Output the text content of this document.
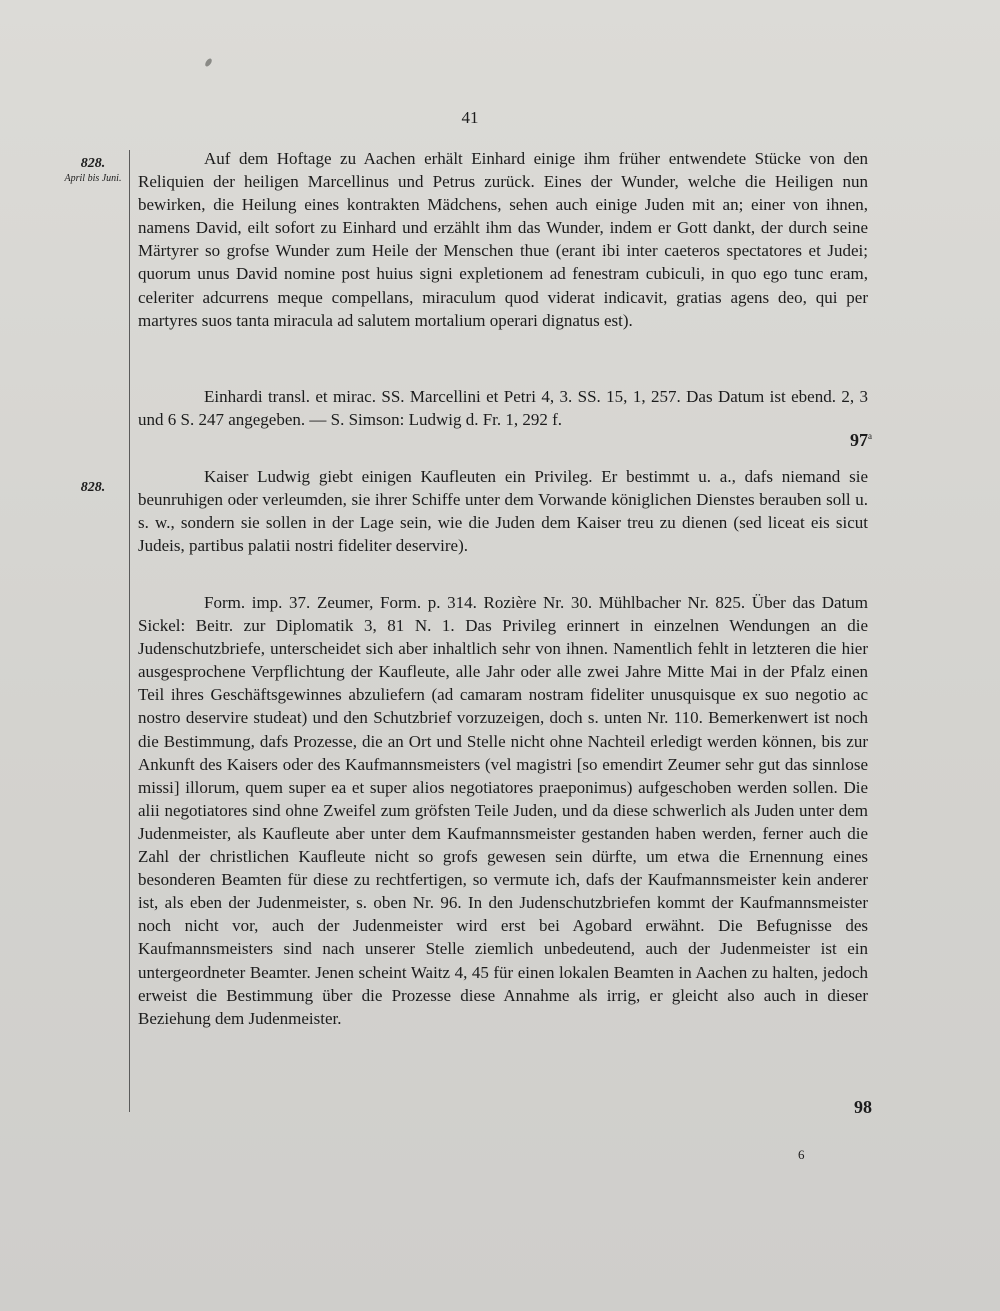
41
828.
April bis Juni.

Auf dem Hoftage zu Aachen erhält Einhard einige ihm früher entwendete Stücke von den Reliquien der heiligen Marcellinus und Petrus zurück. Eines der Wunder, welche die Heiligen nun bewirken, die Heilung eines kontrakten Mädchens, sehen auch einige Juden mit an; einer von ihnen, namens David, eilt sofort zu Einhard und erzählt ihm das Wunder, indem er Gott dankt, der durch seine Märtyrer so grofse Wunder zum Heile der Menschen thue (erant ibi inter caeteros spectatores et Judei; quorum unus David nomine post huius signi expletionem ad fenestram cubiculi, in quo ego tunc eram, celeriter adcurrens meque compellans, miraculum quod viderat indicavit, gratias agens deo, qui per martyres suos tanta miracula ad salutem mortalium operari dignatus est).

Einhardi transl. et mirac. SS. Marcellini et Petri 4, 3. SS. 15, 1, 257. Das Datum ist ebend. 2, 3 und 6 S. 247 angegeben. — S. Simson: Ludwig d. Fr. 1, 292 f.

97$^a$
828.

Kaiser Ludwig giebt einigen Kaufleuten ein Privileg. Er bestimmt u. a., dafs niemand sie beunruhigen oder verleumden, sie ihrer Schiffe unter dem Vorwande königlichen Dienstes berauben soll u. s. w., sondern sie sollen in der Lage sein, wie die Juden dem Kaiser treu zu dienen (sed liceat eis sicut Judeis, partibus palatii nostri fideliter deservire).

Form. imp. 37. Zeumer, Form. p. 314. Rozière Nr. 30. Mühlbacher Nr. 825. Über das Datum Sickel: Beitr. zur Diplomatik 3, 81 N. 1. Das Privileg erinnert in einzelnen Wendungen an die Judenschutzbriefe, unterscheidet sich aber inhaltlich sehr von ihnen. Namentlich fehlt in letzteren die hier ausgesprochene Verpflichtung der Kaufleute, alle Jahr oder alle zwei Jahre Mitte Mai in der Pfalz einen Teil ihres Geschäftsgewinnes abzuliefern (ad camaram nostram fideliter unusquisque ex suo negotio ac nostro deservire studeat) und den Schutzbrief vorzuzeigen, doch s. unten Nr. 110. Bemerkenwert ist noch die Bestimmung, dafs Prozesse, die an Ort und Stelle nicht ohne Nachteil erledigt werden können, bis zur Ankunft des Kaisers oder des Kaufmannsmeisters (vel magistri [so emendirt Zeumer sehr gut das sinnlose missi] illorum, quem super ea et super alios negotiatores praeponimus) aufgeschoben werden sollen. Die alii negotiatores sind ohne Zweifel zum gröfsten Teile Juden, und da diese schwerlich als Juden unter dem Judenmeister, als Kaufleute aber unter dem Kaufmannsmeister gestanden haben werden, ferner auch die Zahl der christlichen Kaufleute nicht so grofs gewesen sein dürfte, um etwa die Ernennung eines besonderen Beamten für diese zu rechtfertigen, so vermute ich, dafs der Kaufmannsmeister kein anderer ist, als eben der Judenmeister, s. oben Nr. 96. In den Judenschutzbriefen kommt der Kaufmannsmeister noch nicht vor, auch der Judenmeister wird erst bei Agobard erwähnt. Die Befugnisse des Kaufmannsmeisters sind nach unserer Stelle ziemlich unbedeutend, auch der Judenmeister ist ein untergeordneter Beamter. Jenen scheint Waitz 4, 45 für einen lokalen Beamten in Aachen zu halten, jedoch erweist die Bestimmung über die Prozesse diese Annahme als irrig, er gleicht also auch in dieser Beziehung dem Judenmeister.

98
6
